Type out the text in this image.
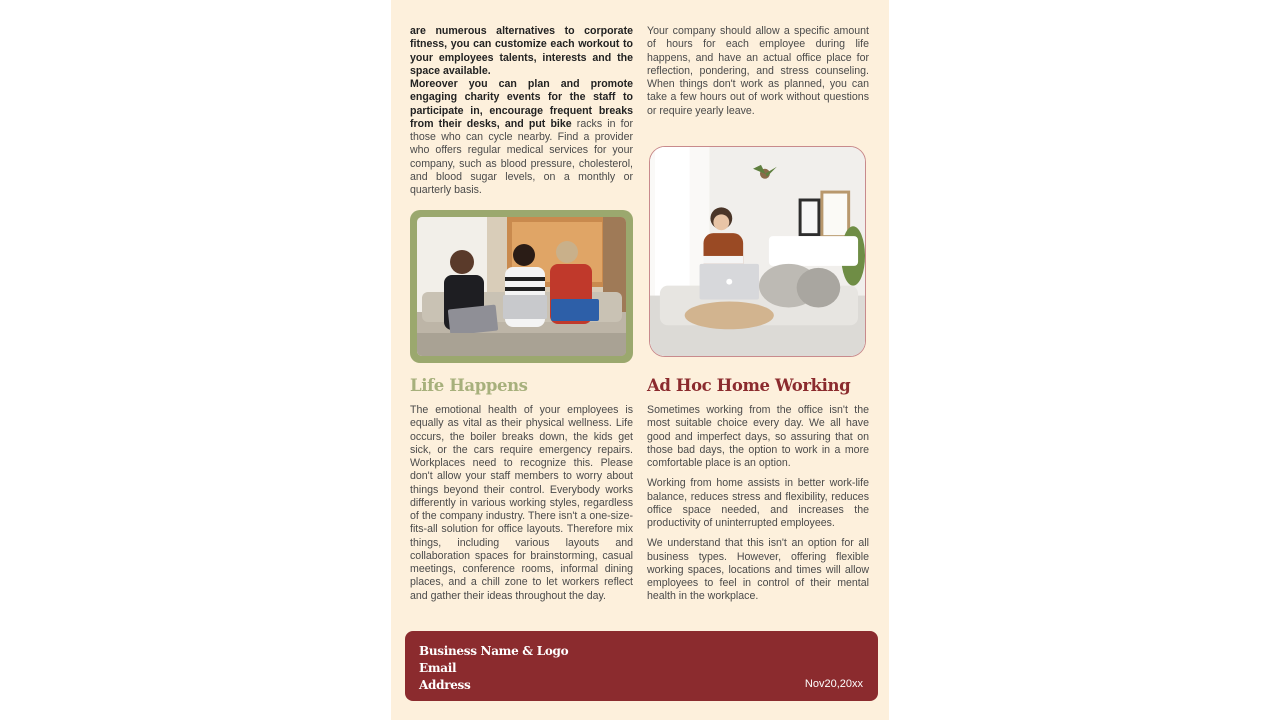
are numerous alternatives to corporate fitness, you can customize each workout to your employees talents, interests and the space available.

Moreover you can plan and promote engaging charity events for the staff to participate in, encourage frequent breaks from their desks, and put bike racks in for those who can cycle nearby. Find a provider who offers regular medical services for your company, such as blood pressure, cholesterol, and blood sugar levels, on a monthly or quarterly basis.

Life Happens

The emotional health of your employees is equally as vital as their physical wellness. Life occurs, the boiler breaks down, the kids get sick, or the cars require emergency repairs. Workplaces need to recognize this. Please don't allow your staff members to worry about things beyond their control. Everybody works differently in various working styles, regardless of the company industry. There isn't a one-size-fits-all solution for office layouts. Therefore mix things, including various layouts and collaboration spaces for brainstorming, casual meetings, conference rooms, informal dining places, and a chill zone to let workers reflect and gather their ideas throughout the day.

Your company should allow a specific amount of hours for each employee during life happens, and have an actual office place for reflection, pondering, and stress counseling. When things don't work as planned, you can take a few hours out of work without questions or require yearly leave.

Ad Hoc Home Working

Sometimes working from the office isn't the most suitable choice every day. We all have good and imperfect days, so assuring that on those bad days, the option to work in a more comfortable place is an option.

Working from home assists in better work-life balance, reduces stress and flexibility, reduces office space needed, and increases the productivity of uninterrupted employees.

We understand that this isn't an option for all business types. However, offering flexible working spaces, locations and times will allow employees to feel in control of their mental health in the workplace.

Business Name & Logo
Email
Address	Nov20,20xx
